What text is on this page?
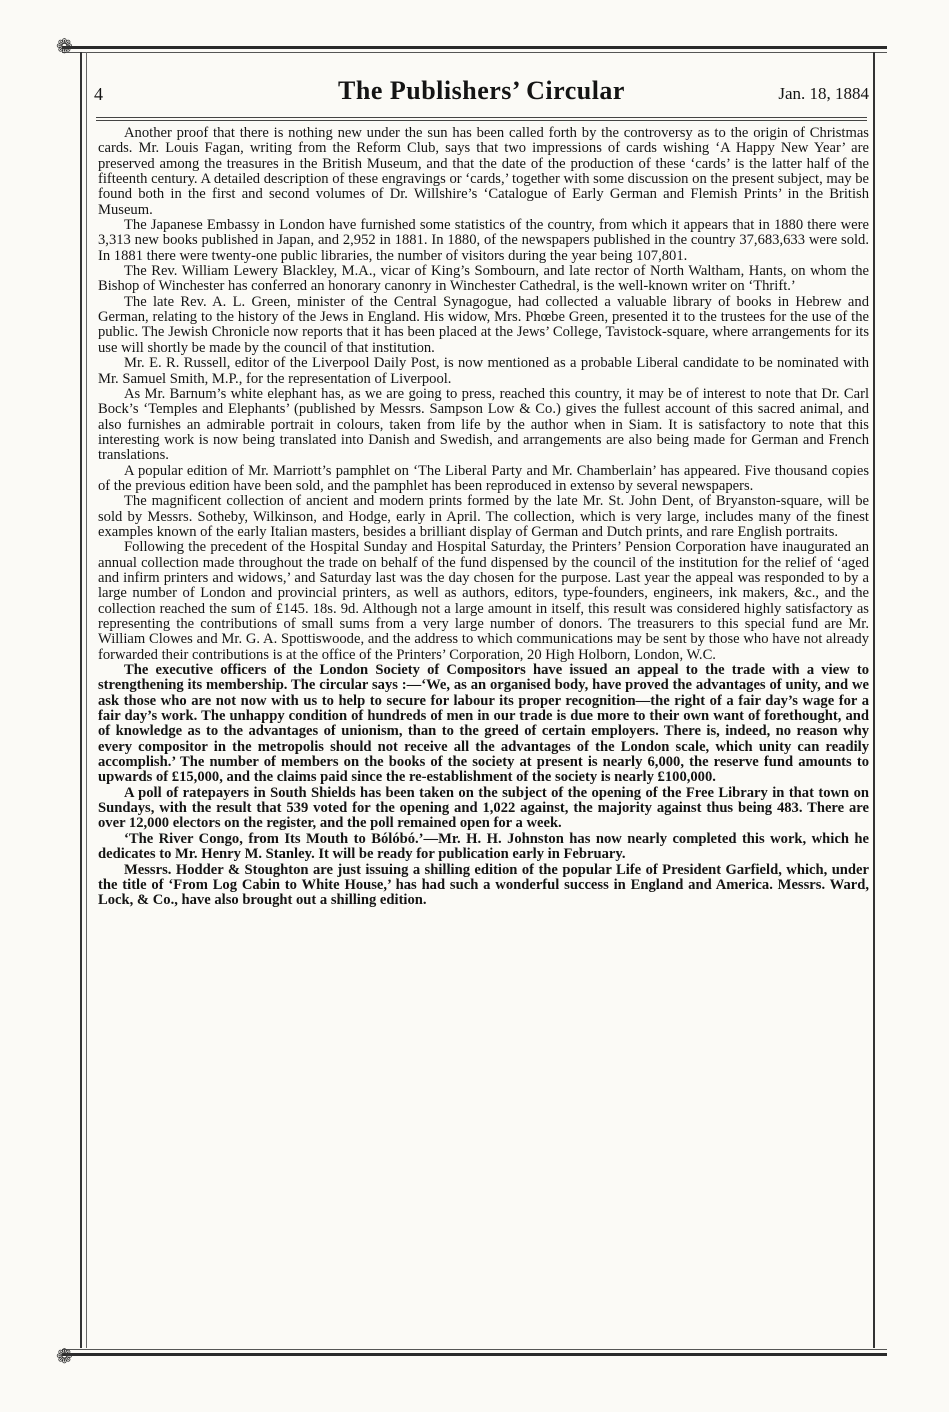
❁
❁
4	The Publishers’ Circular	Jan. 18, 1884

Another proof that there is nothing new under the sun has been called forth by the controversy as to the origin of Christmas cards. Mr. Louis Fagan, writing from the Reform Club, says that two impressions of cards wishing ‘A Happy New Year’ are preserved among the treasures in the British Museum, and that the date of the production of these ‘cards’ is the latter half of the fifteenth century. A detailed description of these engravings or ‘cards,’ together with some discussion on the present subject, may be found both in the first and second volumes of Dr. Willshire’s ‘Catalogue of Early German and Flemish Prints’ in the British Museum.

The Japanese Embassy in London have furnished some statistics of the country, from which it appears that in 1880 there were 3,313 new books published in Japan, and 2,952 in 1881. In 1880, of the newspapers published in the country 37,683,633 were sold. In 1881 there were twenty-one public libraries, the number of visitors during the year being 107,801.

The Rev. William Lewery Blackley, M.A., vicar of King’s Sombourn, and late rector of North Waltham, Hants, on whom the Bishop of Winchester has conferred an honorary canonry in Winchester Cathedral, is the well-known writer on ‘Thrift.’

The late Rev. A. L. Green, minister of the Central Synagogue, had collected a valuable library of books in Hebrew and German, relating to the history of the Jews in England. His widow, Mrs. Phœbe Green, presented it to the trustees for the use of the public. The Jewish Chronicle now reports that it has been placed at the Jews’ College, Tavistock-square, where arrangements for its use will shortly be made by the council of that institution.

Mr. E. R. Russell, editor of the Liverpool Daily Post, is now mentioned as a probable Liberal candidate to be nominated with Mr. Samuel Smith, M.P., for the representation of Liverpool.

As Mr. Barnum’s white elephant has, as we are going to press, reached this country, it may be of interest to note that Dr. Carl Bock’s ‘Temples and Elephants’ (published by Messrs. Sampson Low & Co.) gives the fullest account of this sacred animal, and also furnishes an admirable portrait in colours, taken from life by the author when in Siam. It is satisfactory to note that this interesting work is now being translated into Danish and Swedish, and arrangements are also being made for German and French translations.

A popular edition of Mr. Marriott’s pamphlet on ‘The Liberal Party and Mr. Chamberlain’ has appeared. Five thousand copies of the previous edition have been sold, and the pamphlet has been reproduced in extenso by several newspapers.

The magnificent collection of ancient and modern prints formed by the late Mr. St. John Dent, of Bryanston-square, will be sold by Messrs. Sotheby, Wilkinson, and Hodge, early in April. The collection, which is very large, includes many of the finest examples known of the early Italian masters, besides a brilliant display of German and Dutch prints, and rare English portraits.

Following the precedent of the Hospital Sunday and Hospital Saturday, the Printers’ Pension Corporation have inaugurated an annual collection made throughout the trade on behalf of the fund dispensed by the council of the institution for the relief of ‘aged and infirm printers and widows,’ and Saturday last was the day chosen for the purpose. Last year the appeal was responded to by a large number of London and provincial printers, as well as authors, editors, type-founders, engineers, ink makers, &c., and the collection reached the sum of £145. 18s. 9d. Although not a large amount in itself, this result was considered highly satisfactory as representing the contributions of small sums from a very large number of donors. The treasurers to this special fund are Mr. William Clowes and Mr. G. A. Spottiswoode, and the address to which communications may be sent by those who have not already forwarded their contributions is at the office of the Printers’ Corporation, 20 High Holborn, London, W.C.

The executive officers of the London Society of Compositors have issued an appeal to the trade with a view to strengthening its membership. The circular says :—‘We, as an organised body, have proved the advantages of unity, and we ask those who are not now with us to help to secure for labour its proper recognition—the right of a fair day’s wage for a fair day’s work. The unhappy condition of hundreds of men in our trade is due more to their own want of forethought, and of knowledge as to the advantages of unionism, than to the greed of certain employers. There is, indeed, no reason why every compositor in the metropolis should not receive all the advantages of the London scale, which unity can readily accomplish.’ The number of members on the books of the society at present is nearly 6,000, the reserve fund amounts to upwards of £15,000, and the claims paid since the re-establishment of the society is nearly £100,000.

A poll of ratepayers in South Shields has been taken on the subject of the opening of the Free Library in that town on Sundays, with the result that 539 voted for the opening and 1,022 against, the majority against thus being 483. There are over 12,000 electors on the register, and the poll remained open for a week.

‘The River Congo, from Its Mouth to Bólóbó.’—Mr. H. H. Johnston has now nearly completed this work, which he dedicates to Mr. Henry M. Stanley. It will be ready for publication early in February.

Messrs. Hodder & Stoughton are just issuing a shilling edition of the popular Life of President Garfield, which, under the title of ‘From Log Cabin to White House,’ has had such a wonderful success in England and America. Messrs. Ward, Lock, & Co., have also brought out a shilling edition.
